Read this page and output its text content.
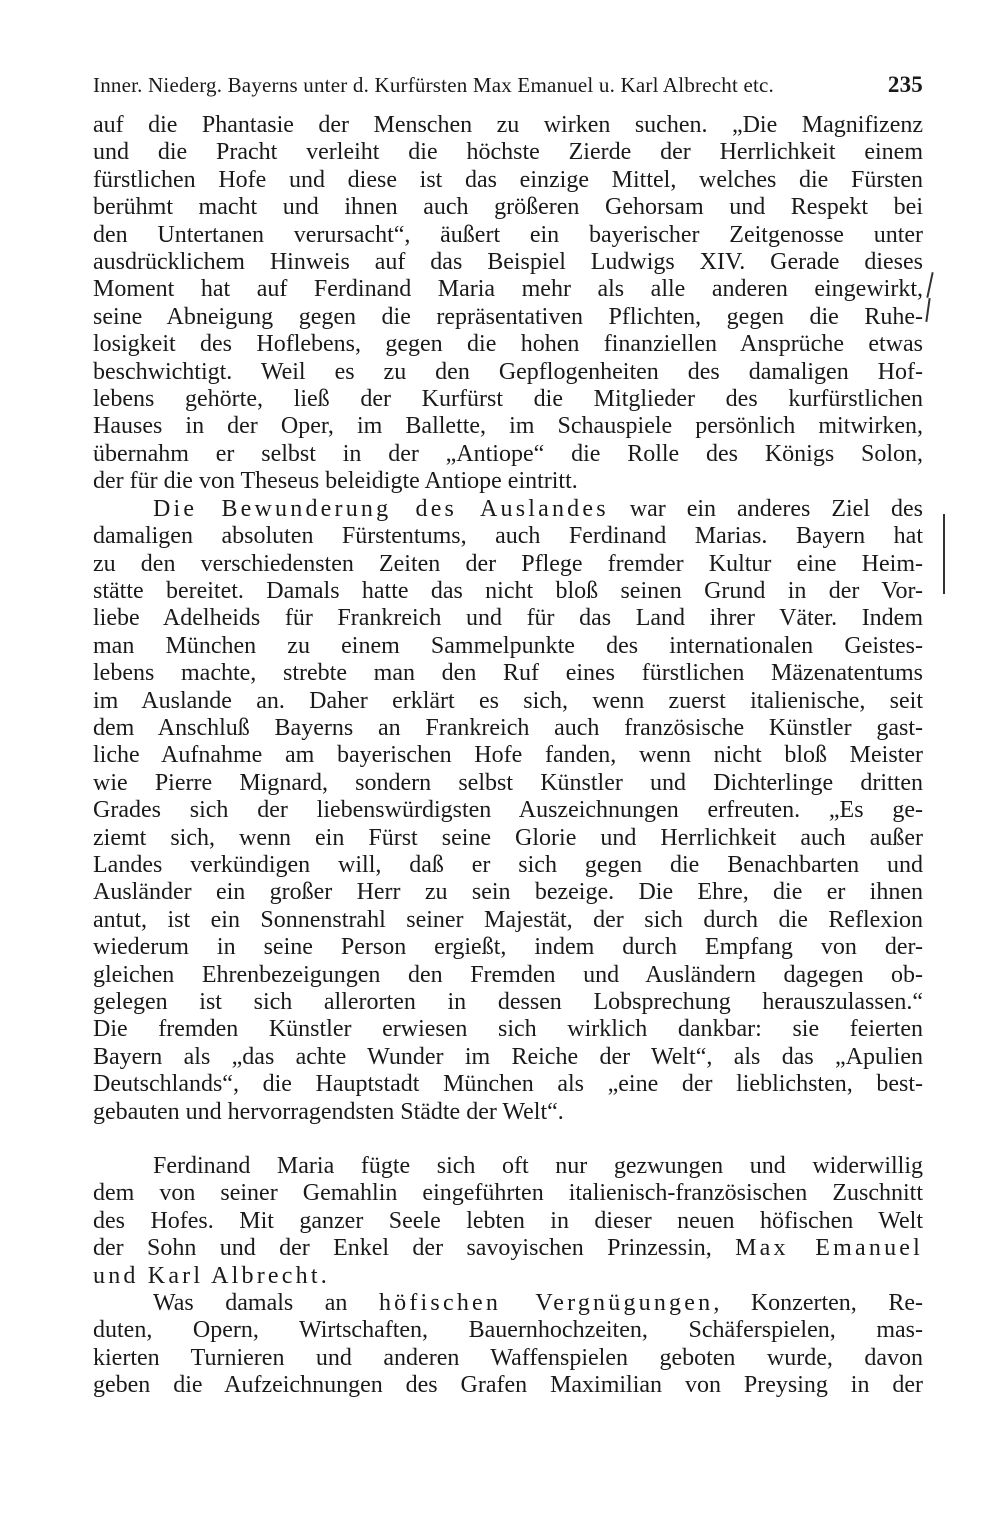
Inner. Niederg. Bayerns unter d. Kurfürsten Max Emanuel u. Karl Albrecht etc.	235

auf die Phantasie der Menschen zu wirken suchen. „Die Magnifizenz
und die Pracht verleiht die höchste Zierde der Herrlichkeit einem
fürstlichen Hofe und diese ist das einzige Mittel, welches die Fürsten
berühmt macht und ihnen auch größeren Gehorsam und Respekt bei
den Untertanen verursacht“, äußert ein bayerischer Zeitgenosse unter
ausdrücklichem Hinweis auf das Beispiel Ludwigs XIV. Gerade dieses
Moment hat auf Ferdinand Maria mehr als alle anderen eingewirkt,
seine Abneigung gegen die repräsentativen Pflichten, gegen die Ruhe-
losigkeit des Hoflebens, gegen die hohen finanziellen Ansprüche etwas
beschwichtigt. Weil es zu den Gepflogenheiten des damaligen Hof-
lebens gehörte, ließ der Kurfürst die Mitglieder des kurfürstlichen
Hauses in der Oper, im Ballette, im Schauspiele persönlich mitwirken,
übernahm er selbst in der „Antiope“ die Rolle des Königs Solon,
der für die von Theseus beleidigte Antiope eintritt.

Die Bewunderung des Auslandes war ein anderes Ziel des
damaligen absoluten Fürstentums, auch Ferdinand Marias. Bayern hat
zu den verschiedensten Zeiten der Pflege fremder Kultur eine Heim-
stätte bereitet. Damals hatte das nicht bloß seinen Grund in der Vor-
liebe Adelheids für Frankreich und für das Land ihrer Väter. Indem
man München zu einem Sammelpunkte des internationalen Geistes-
lebens machte, strebte man den Ruf eines fürstlichen Mäzenatentums
im Auslande an. Daher erklärt es sich, wenn zuerst italienische, seit
dem Anschluß Bayerns an Frankreich auch französische Künstler gast-
liche Aufnahme am bayerischen Hofe fanden, wenn nicht bloß Meister
wie Pierre Mignard, sondern selbst Künstler und Dichterlinge dritten
Grades sich der liebenswürdigsten Auszeichnungen erfreuten. „Es ge-
ziemt sich, wenn ein Fürst seine Glorie und Herrlichkeit auch außer
Landes verkündigen will, daß er sich gegen die Benachbarten und
Ausländer ein großer Herr zu sein bezeige. Die Ehre, die er ihnen
antut, ist ein Sonnenstrahl seiner Majestät, der sich durch die Reflexion
wiederum in seine Person ergießt, indem durch Empfang von der-
gleichen Ehrenbezeigungen den Fremden und Ausländern dagegen ob-
gelegen ist sich allerorten in dessen Lobsprechung herauszulassen.“
Die fremden Künstler erwiesen sich wirklich dankbar: sie feierten
Bayern als „das achte Wunder im Reiche der Welt“, als das „Apulien
Deutschlands“, die Hauptstadt München als „eine der lieblichsten, best-
gebauten und hervorragendsten Städte der Welt“.

Ferdinand Maria fügte sich oft nur gezwungen und widerwillig
dem von seiner Gemahlin eingeführten italienisch-französischen Zuschnitt
des Hofes. Mit ganzer Seele lebten in dieser neuen höfischen Welt
der Sohn und der Enkel der savoyischen Prinzessin, Max Emanuel
und Karl Albrecht.

Was damals an höfischen Vergnügungen, Konzerten, Re-
duten, Opern, Wirtschaften, Bauernhochzeiten, Schäferspielen, mas-
kierten Turnieren und anderen Waffenspielen geboten wurde, davon
geben die Aufzeichnungen des Grafen Maximilian von Preysing in der
